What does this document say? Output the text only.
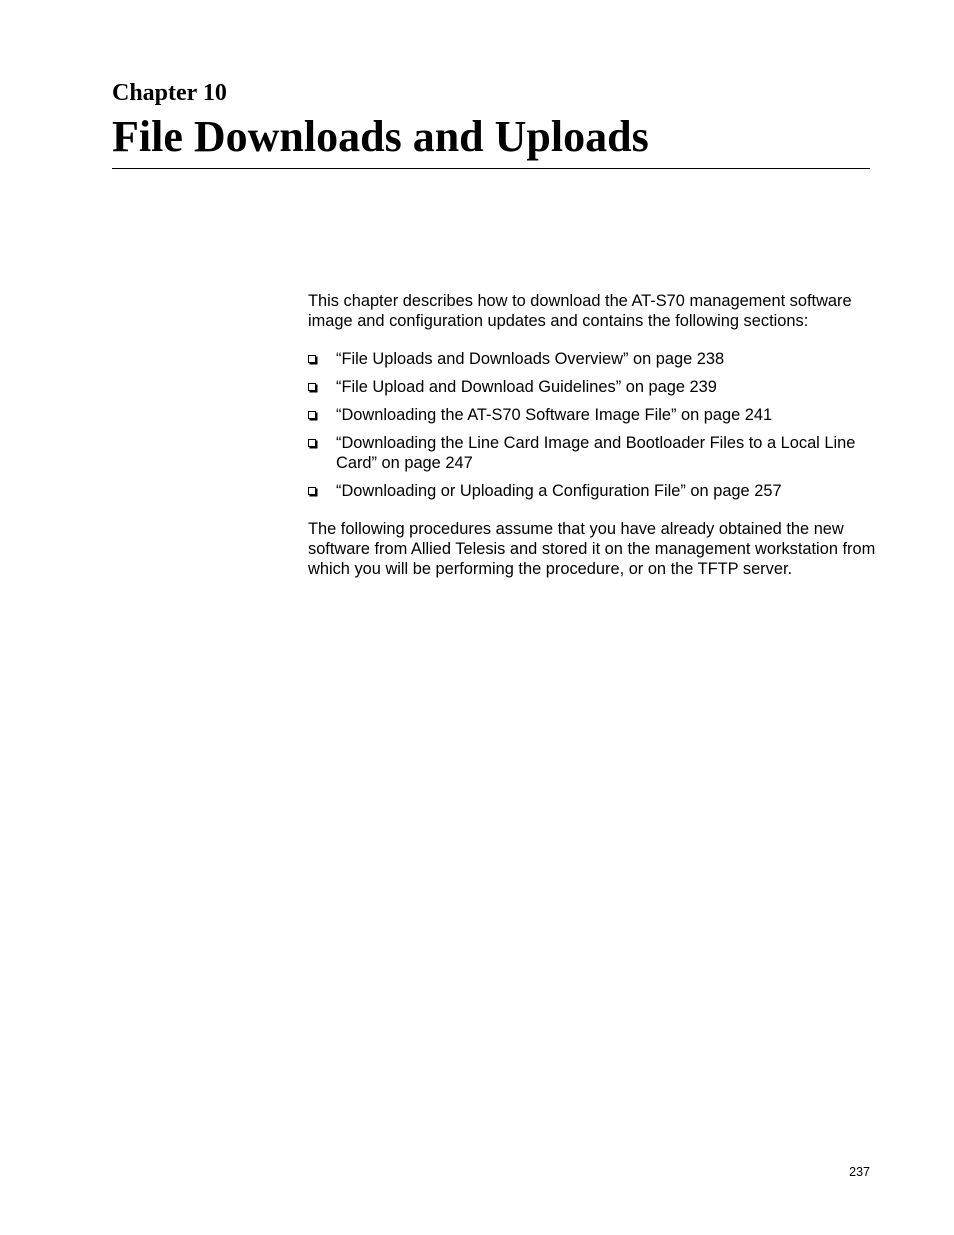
Chapter 10
File Downloads and Uploads

This chapter describes how to download the AT-S70 management software image and configuration updates and contains the following sections:

“File Uploads and Downloads Overview” on page 238
“File Upload and Download Guidelines” on page 239
“Downloading the AT-S70 Software Image File” on page 241
“Downloading the Line Card Image and Bootloader Files to a Local Line Card” on page 247
“Downloading or Uploading a Configuration File” on page 257

The following procedures assume that you have already obtained the new software from Allied Telesis and stored it on the management workstation from which you will be performing the procedure, or on the TFTP server.

237
